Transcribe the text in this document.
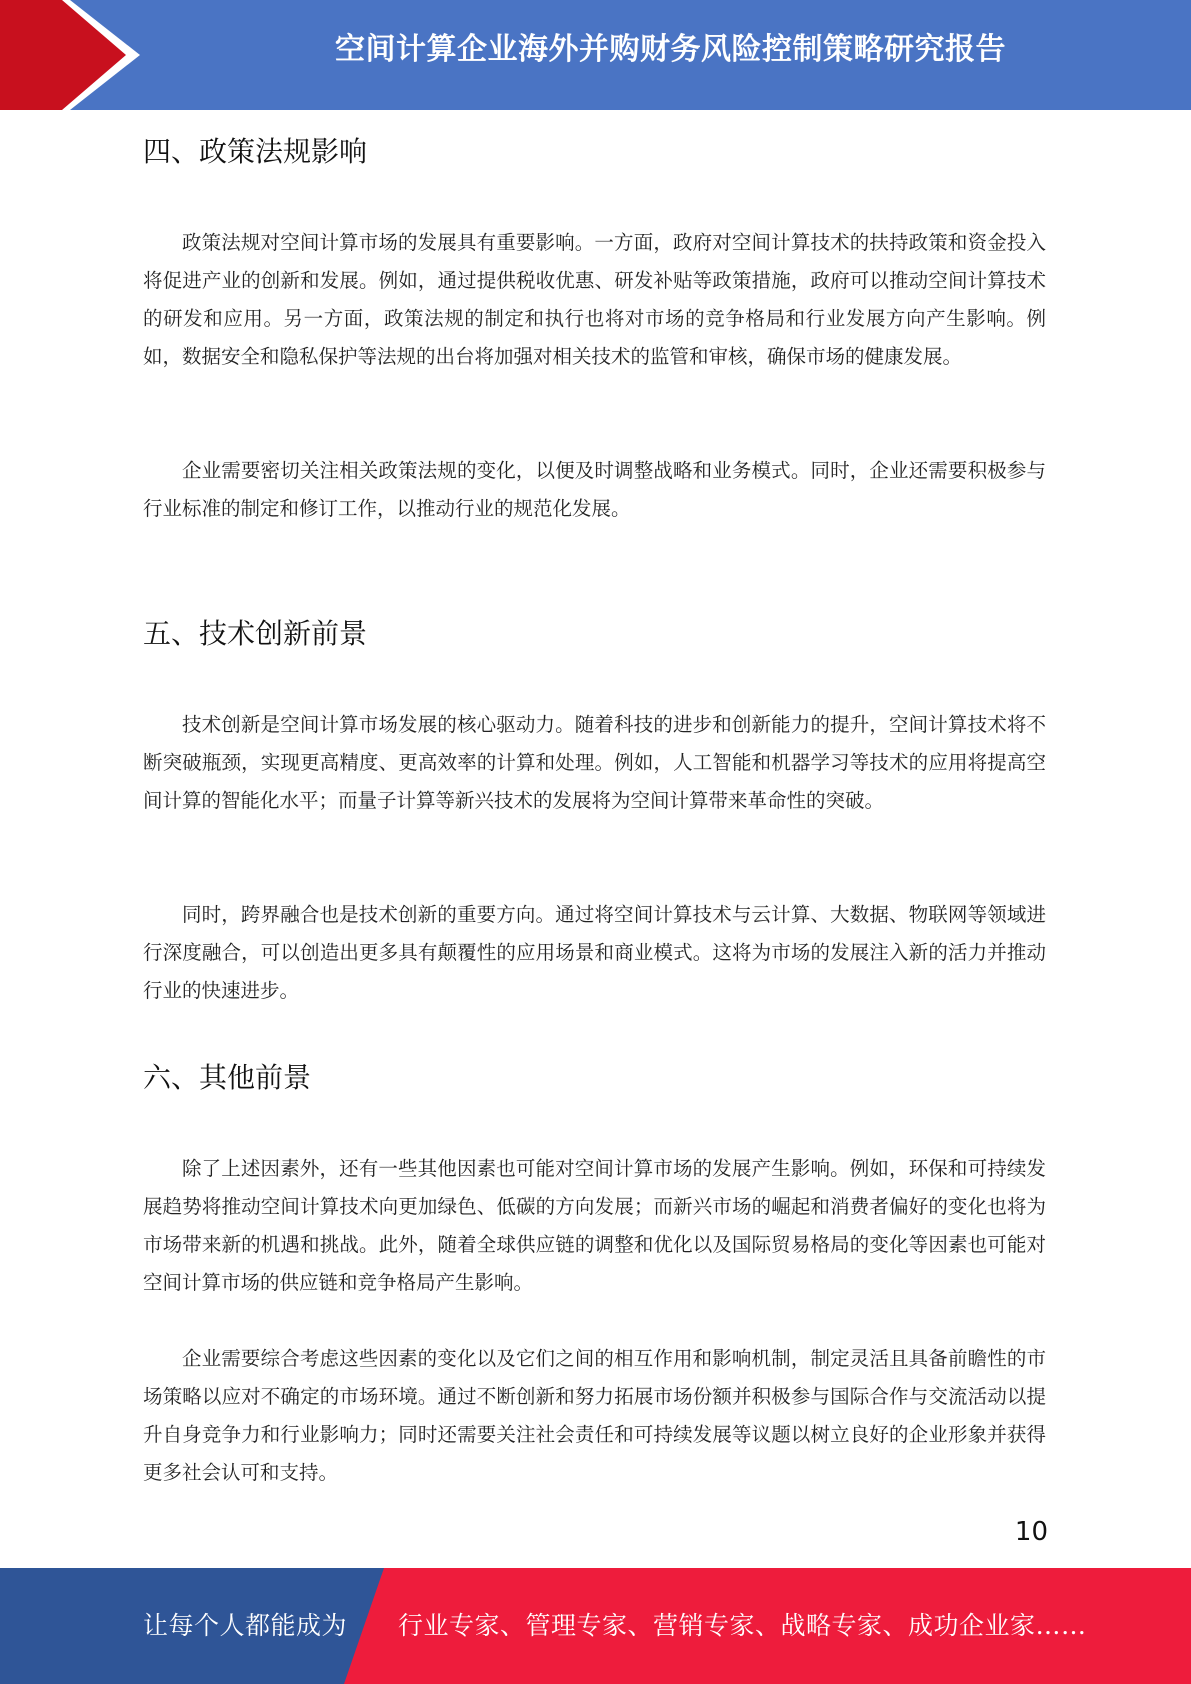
空间计算企业海外并购财务风险控制策略研究报告
四、政策法规影响

政策法规对空间计算市场的发展具有重要影响。一方面，政府对空间计算技术的扶持政策和资金投入将促进产业的创新和发展。例如，通过提供税收优惠、研发补贴等政策措施，政府可以推动空间计算技术的研发和应用。另一方面，政策法规的制定和执行也将对市场的竞争格局和行业发展方向产生影响。例如，数据安全和隐私保护等法规的出台将加强对相关技术的监管和审核，确保市场的健康发展。

企业需要密切关注相关政策法规的变化，以便及时调整战略和业务模式。同时，企业还需要积极参与行业标准的制定和修订工作，以推动行业的规范化发展。

五、技术创新前景

技术创新是空间计算市场发展的核心驱动力。随着科技的进步和创新能力的提升，空间计算技术将不断突破瓶颈，实现更高精度、更高效率的计算和处理。例如，人工智能和机器学习等技术的应用将提高空间计算的智能化水平；而量子计算等新兴技术的发展将为空间计算带来革命性的突破。

同时，跨界融合也是技术创新的重要方向。通过将空间计算技术与云计算、大数据、物联网等领域进行深度融合，可以创造出更多具有颠覆性的应用场景和商业模式。这将为市场的发展注入新的活力并推动行业的快速进步。

六、其他前景

除了上述因素外，还有一些其他因素也可能对空间计算市场的发展产生影响。例如，环保和可持续发展趋势将推动空间计算技术向更加绿色、低碳的方向发展；而新兴市场的崛起和消费者偏好的变化也将为市场带来新的机遇和挑战。此外，随着全球供应链的调整和优化以及国际贸易格局的变化等因素也可能对空间计算市场的供应链和竞争格局产生影响。

企业需要综合考虑这些因素的变化以及它们之间的相互作用和影响机制，制定灵活且具备前瞻性的市场策略以应对不确定的市场环境。通过不断创新和努力拓展市场份额并积极参与国际合作与交流活动以提升自身竞争力和行业影响力；同时还需要关注社会责任和可持续发展等议题以树立良好的企业形象并获得更多社会认可和支持。

10
让每个人都能成为 行业专家、管理专家、营销专家、战略专家、成功企业家……
